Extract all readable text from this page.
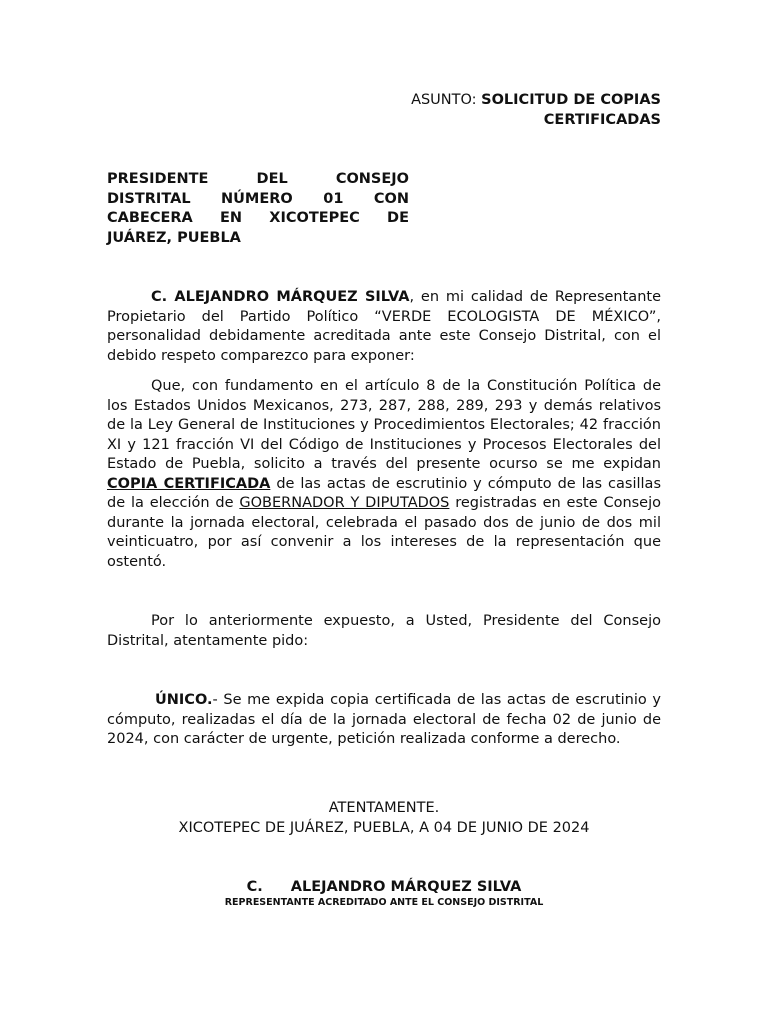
ASUNTO: SOLICITUD DE COPIAS
CERTIFICADAS
PRESIDENTE DEL CONSEJO
DISTRITAL NÚMERO 01 CON
CABECERA EN XICOTEPEC DE
JUÁREZ, PUEBLA

C. ALEJANDRO MÁRQUEZ SILVA, en mi calidad de Representante Propietario del Partido Político “VERDE ECOLOGISTA DE MÉXICO”, personalidad debidamente acreditada ante este Consejo Distrital, con el debido respeto comparezco para exponer:

Que, con fundamento en el artículo 8 de la Constitución Política de los Estados Unidos Mexicanos, 273, 287, 288, 289, 293 y demás relativos de la Ley General de Instituciones y Procedimientos Electorales; 42 fracción XI y 121 fracción VI del Código de Instituciones y Procesos Electorales del Estado de Puebla, solicito a través del presente ocurso se me expidan COPIA CERTIFICADA de las actas de escrutinio y cómputo de las casillas de la elección de GOBERNADOR Y DIPUTADOS registradas en este Consejo durante la jornada electoral, celebrada el pasado dos de junio de dos mil veinticuatro, por así convenir a los intereses de la representación que ostentó.

Por lo anteriormente expuesto, a Usted, Presidente del Consejo Distrital, atentamente pido:

ÚNICO.- Se me expida copia certificada de las actas de escrutinio y cómputo, realizadas el día de la jornada electoral de fecha 02 de junio de 2024, con carácter de urgente, petición realizada conforme a derecho.

ATENTAMENTE.
XICOTEPEC DE JUÁREZ, PUEBLA, A 04 DE JUNIO DE 2024
C. ALEJANDRO MÁRQUEZ SILVA
REPRESENTANTE ACREDITADO ANTE EL CONSEJO DISTRITAL
